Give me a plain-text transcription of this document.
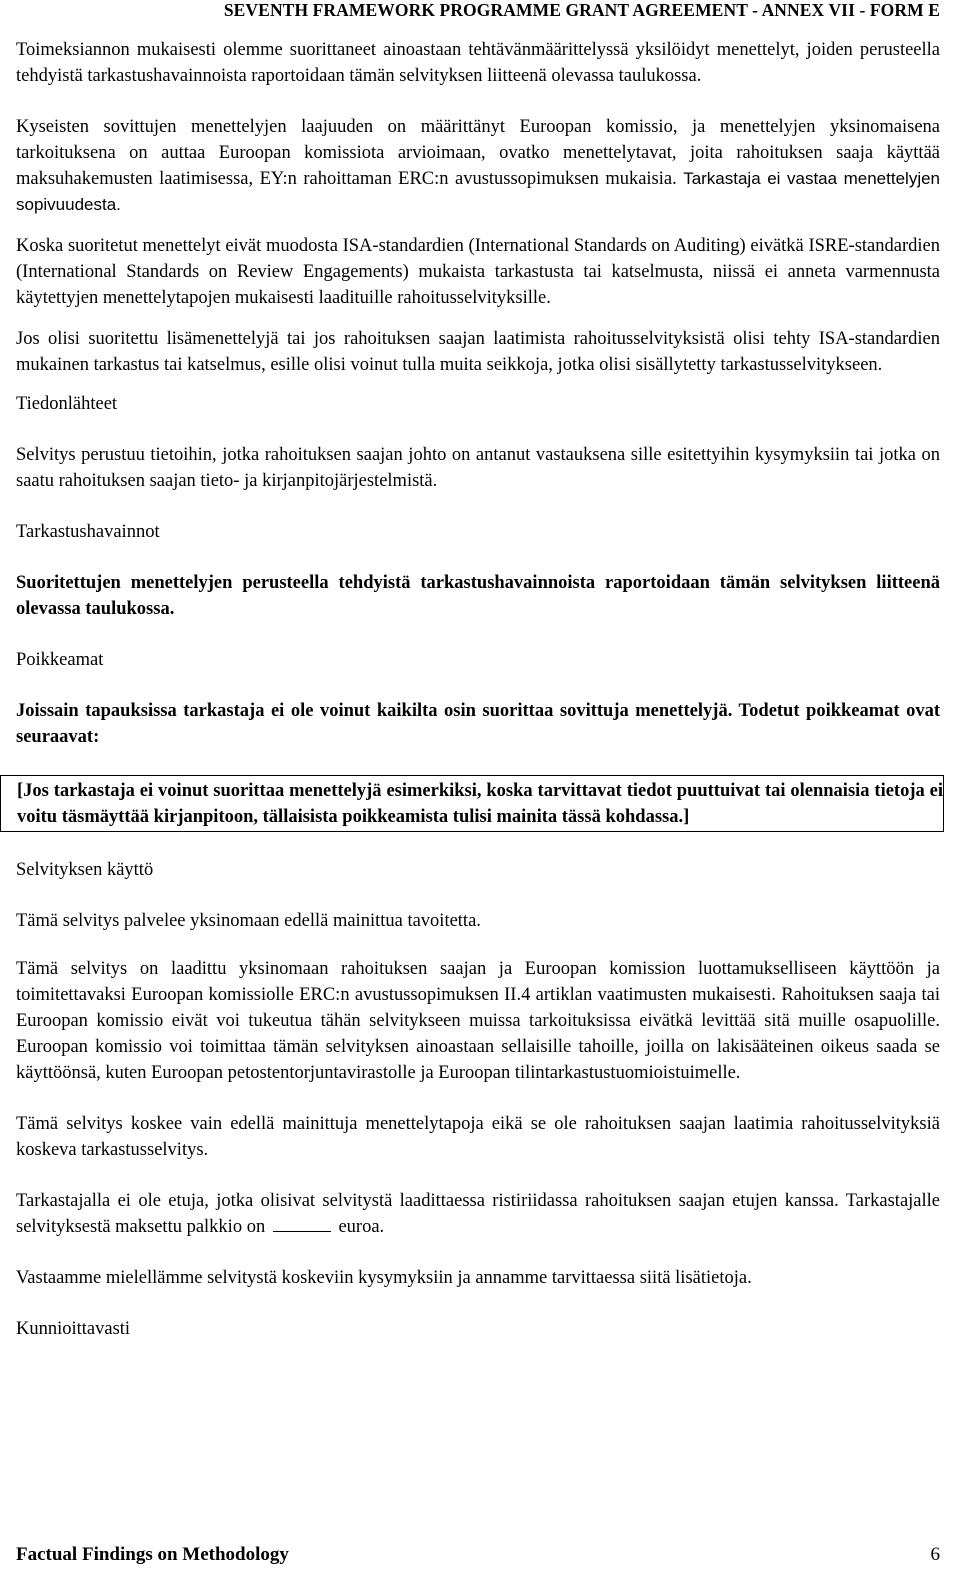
SEVENTH FRAMEWORK PROGRAMME GRANT AGREEMENT - ANNEX VII - FORM E

Toimeksiannon mukaisesti olemme suorittaneet ainoastaan tehtävänmäärittelyssä yksilöidyt menettelyt, joiden perusteella tehdyistä tarkastushavainnoista raportoidaan tämän selvityksen liitteenä olevassa taulukossa.

Kyseisten sovittujen menettelyjen laajuuden on määrittänyt Euroopan komissio, ja menettelyjen yksinomaisena tarkoituksena on auttaa Euroopan komissiota arvioimaan, ovatko menettelytavat, joita rahoituksen saaja käyttää maksuhakemusten laatimisessa, EY:n rahoittaman ERC:n avustussopimuksen mukaisia. Tarkastaja ei vastaa menettelyjen sopivuudesta.

Koska suoritetut menettelyt eivät muodosta ISA-standardien (International Standards on Auditing) eivätkä ISRE-standardien (International Standards on Review Engagements) mukaista tarkastusta tai katselmusta, niissä ei anneta varmennusta käytettyjen menettelytapojen mukaisesti laadituille rahoitusselvityksille.

Jos olisi suoritettu lisämenettelyjä tai jos rahoituksen saajan laatimista rahoitusselvityksistä olisi tehty ISA-standardien mukainen tarkastus tai katselmus, esille olisi voinut tulla muita seikkoja, jotka olisi sisällytetty tarkastusselvitykseen.

Tiedonlähteet

Selvitys perustuu tietoihin, jotka rahoituksen saajan johto on antanut vastauksena sille esitettyihin kysymyksiin tai jotka on saatu rahoituksen saajan tieto- ja kirjanpitojärjestelmistä.

Tarkastushavainnot

Suoritettujen menettelyjen perusteella tehdyistä tarkastushavainnoista raportoidaan tämän selvityksen liitteenä olevassa taulukossa.

Poikkeamat

Joissain tapauksissa tarkastaja ei ole voinut kaikilta osin suorittaa sovittuja menettelyjä. Todetut poikkeamat ovat seuraavat:

[Jos tarkastaja ei voinut suorittaa menettelyjä esimerkiksi, koska tarvittavat tiedot puuttuivat tai olennaisia tietoja ei voitu täsmäyttää kirjanpitoon, tällaisista poikkeamista tulisi mainita tässä kohdassa.]

Selvityksen käyttö

Tämä selvitys palvelee yksinomaan edellä mainittua tavoitetta.

Tämä selvitys on laadittu yksinomaan rahoituksen saajan ja Euroopan komission luottamukselliseen käyttöön ja toimitettavaksi Euroopan komissiolle ERC:n avustussopimuksen II.4 artiklan vaatimusten mukaisesti. Rahoituksen saaja tai Euroopan komissio eivät voi tukeutua tähän selvitykseen muissa tarkoituksissa eivätkä levittää sitä muille osapuolille. Euroopan komissio voi toimittaa tämän selvityksen ainoastaan sellaisille tahoille, joilla on lakisääteinen oikeus saada se käyttöönsä, kuten Euroopan petostentorjuntavirastolle ja Euroopan tilintarkastustuomioistuimelle.

Tämä selvitys koskee vain edellä mainittuja menettelytapoja eikä se ole rahoituksen saajan laatimia rahoitusselvityksiä koskeva tarkastusselvitys.

Tarkastajalla ei ole etuja, jotka olisivat selvitystä laadittaessa ristiriidassa rahoituksen saajan etujen kanssa. Tarkastajalle selvityksestä maksettu palkkio on	euroa.

Vastaamme mielellämme selvitystä koskeviin kysymyksiin ja annamme tarvittaessa siitä lisätietoja.

Kunnioittavasti

Factual Findings on Methodology	6
